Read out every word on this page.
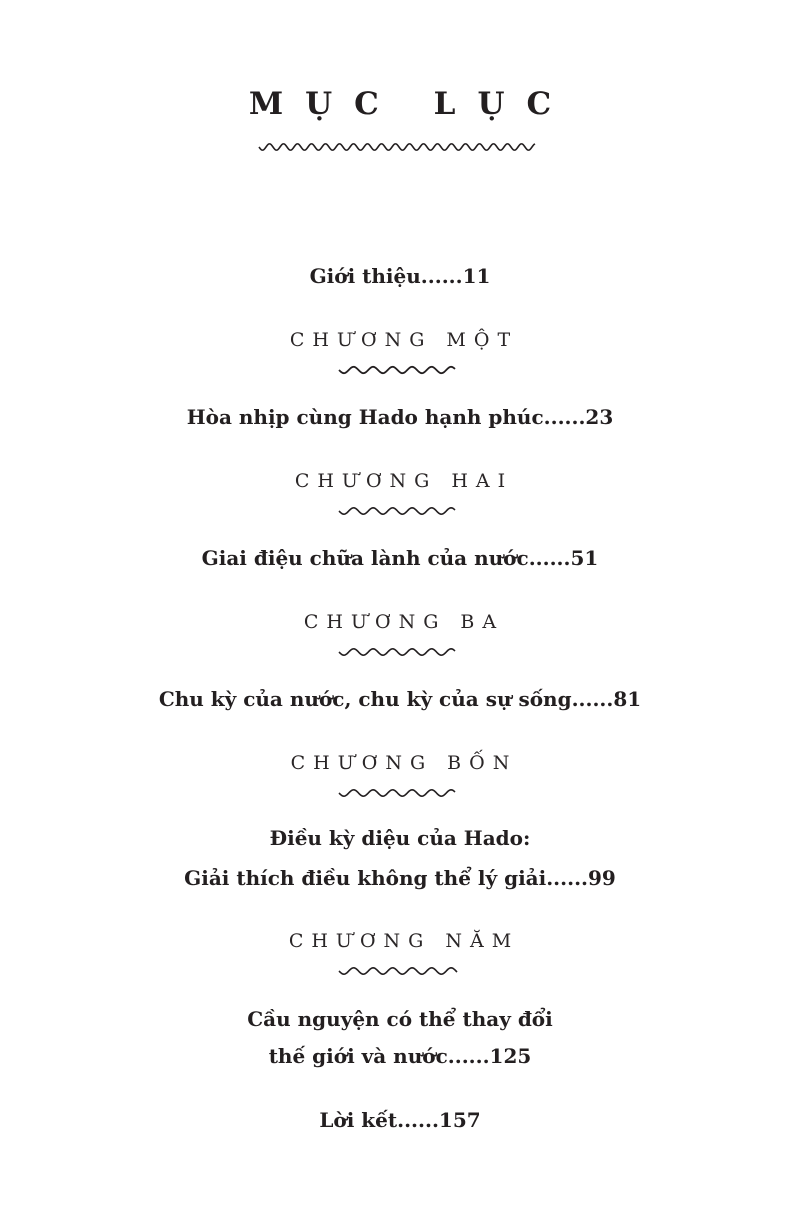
MỤC LỤC
Giới thiệu......11
CHƯƠNG MỘT
Hòa nhịp cùng Hado hạnh phúc......23
CHƯƠNG HAI
Giai điệu chữa lành của nước......51
CHƯƠNG BA
Chu kỳ của nước, chu kỳ của sự sống......81
CHƯƠNG BỐN
Điều kỳ diệu của Hado:
Giải thích điều không thể lý giải......99
CHƯƠNG NĂM
Cầu nguyện có thể thay đổi
thế giới và nước......125
Lời kết......157
